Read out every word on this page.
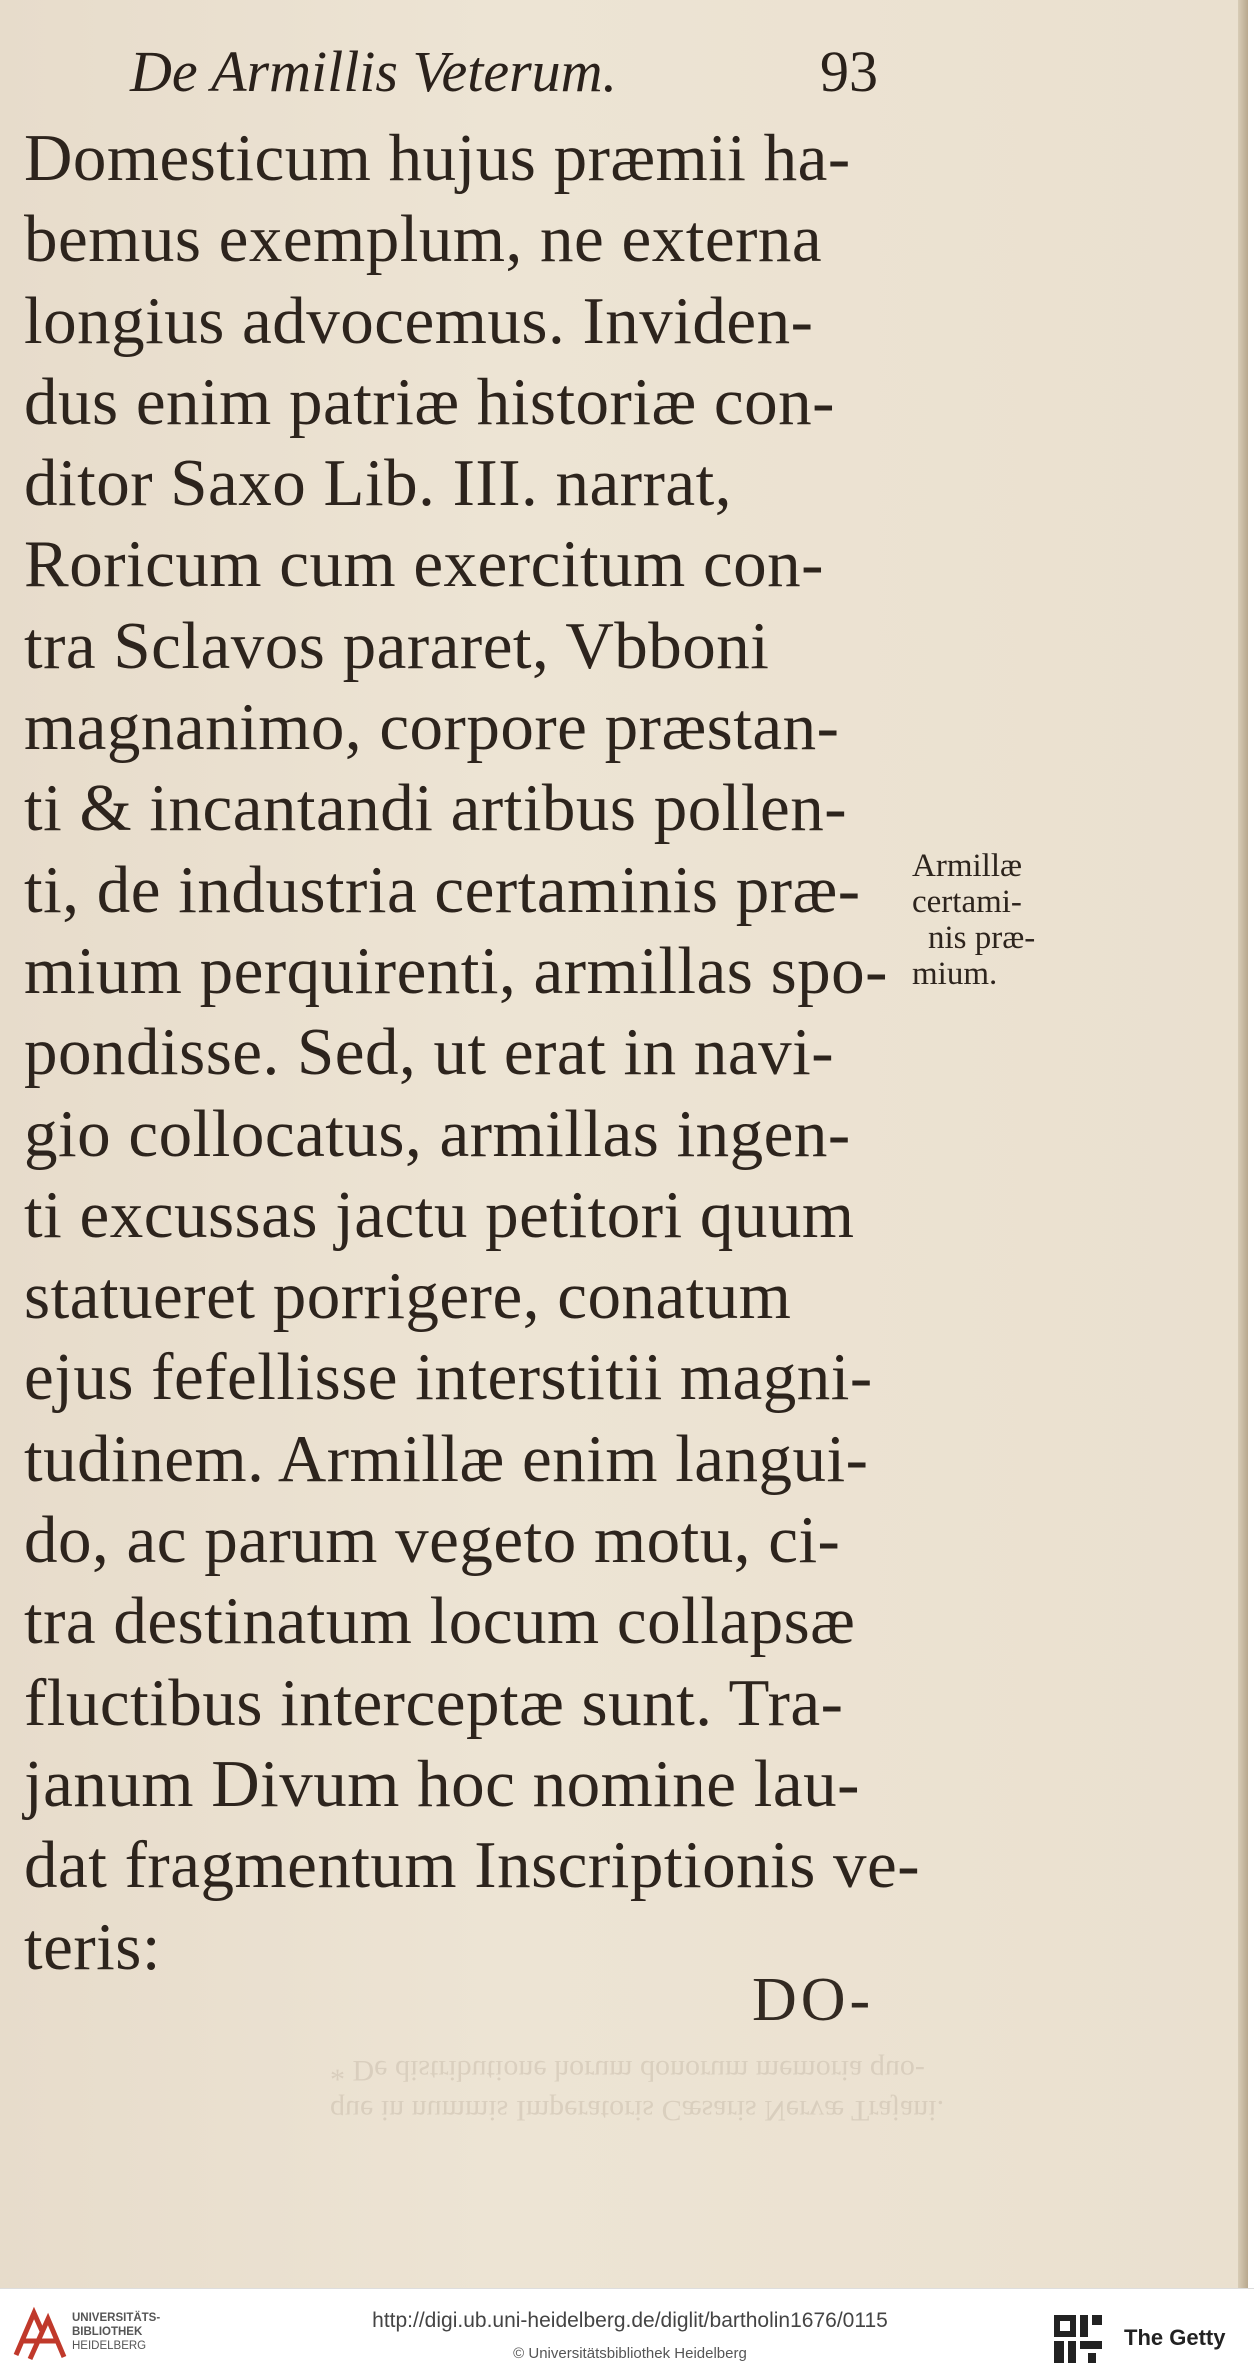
De Armillis Veterum.	93
Domesticum hujus præmii ha-
bemus exemplum, ne externa
longius advocemus. Inviden-
dus enim patriæ historiæ con-
ditor Saxo Lib. III. narrat,
Roricum cum exercitum con-
tra Sclavos pararet, Vbboni
magnanimo, corpore præstan-
ti & incantandi artibus pollen-
ti, de industria certaminis præ-
mium perquirenti, armillas spo-
pondisse. Sed, ut erat in navi-
gio collocatus, armillas ingen-
ti excussas jactu petitori quum
statueret porrigere, conatum
ejus fefellisse interstitii magni-
tudinem. Armillæ enim langui-
do, ac parum vegeto motu, ci-
tra destinatum locum collapsæ
fluctibus interceptæ sunt. Tra-
janum Divum hoc nomine lau-
dat fragmentum Inscriptionis ve-
teris:
Armillæ
certami-
nis præ-
mium.
DO-
que in nummis Imperatoris Cæsaris Nervæ Trajani.
* De distributione horum donorum memoria quo-
UNIVERSITÄTS-
BIBLIOTHEK
HEIDELBERG
http://digi.ub.uni-heidelberg.de/diglit/bartholin1676/0115
© Universitätsbibliothek Heidelberg
The Getty
